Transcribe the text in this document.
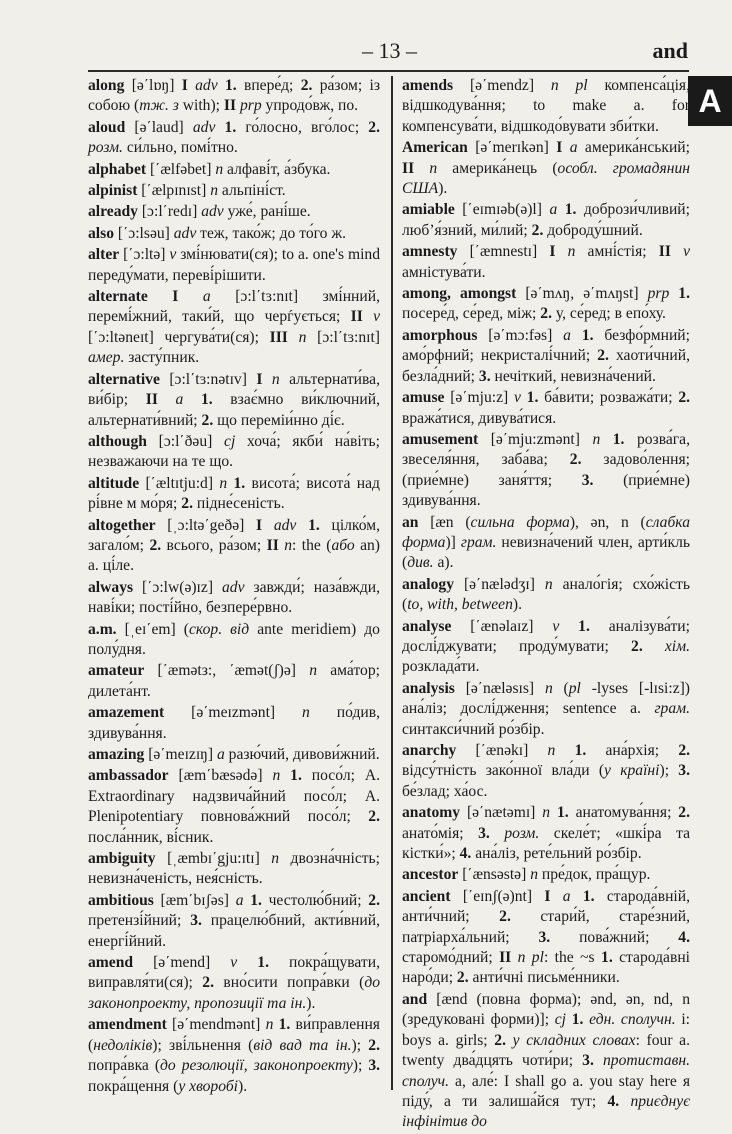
– 13 –	and
A
along [ə΄lɒŋ] I adv 1. впере́д; 2. ра́зом; із собою (тж. з with); II prp упродо́вж, по.
aloud [ə΄laud] adv 1. го́лосно, вго́лос; 2. розм. си́льно, помі́тно.
alphabet [΄ælfəbet] n алфаві́т, а́збука.
alpinist [΄ælpɪnɪst] n альпіні́ст.
already [ɔ:l΄redɪ] adv уже́, рані́ше.
also [΄ɔ:lsəu] adv теж, тако́ж; до то́го ж.
alter [΄ɔ:ltə] v змі́нювати(ся); to a. one's mind переду́мати, переві́рішити.
alternate I a [ɔ:l΄tɜ:nɪt] змі́нний, перемі́жний, таки́й, що черѓується; II v [΄ɔ:ltəneɪt] чергува́ти(ся); III n [ɔ:l΄tɜ:nɪt] амер. засту́пник.
alternative [ɔ:l΄tɜ:nətɪv] I n альтернати́ва, ви́бір; II a 1. взає́мно ви́ключний, альтернати́вний; 2. що переміи́нно ді́є.
although [ɔ:l΄ðəu] cj хоча́; якби́ на́віть; незважаючи на те що.
altitude [΄æltɪtju:d] n 1. висота́; висота́ над рі́вне м мо́ря; 2. підне́сеність.
altogether [ˌɔ:ltə΄geðə] I adv 1. цілко́м, загало́м; 2. всього, ра́зом; II n: the (або an) a. ці́ле.
always [΄ɔ:lw(ə)ɪz] adv завжди́; наза́вжди, наві́ки; пості́йно, безпере́рвно.
a.m. [ˌeɪ΄em] (скор. від ante meridiem) до полу́дня.
amateur [΄æmətз:, ΄æmət(ʃ)ə] n ама́тор; дилета́нт.
amazement [ə΄meɪzmənt] n по́див, здивува́ння.
amazing [ə΄meɪzɪŋ] a разю́чий, дивови́жний.
ambassador [æm΄bæsədə] n 1. посо́л; A. Extraordinary надзвича́йний посо́л; A. Plenipotentiary повнова́жний посо́л; 2. посла́нник, ві́сник.
ambiguity [ˌæmbɪ΄gju:ɪtɪ] n двозна́чність; невизна́ченість, нея́сність.
ambitious [æm΄bɪʃəs] a 1. честолю́бний; 2. претензі́йний; 3. працелю́бний, акти́вний, енергі́йний.
amend [ə΄mend] v 1. покра́щувати, виправля́ти(ся); 2. вно́сити попра́вки (до законопроекту, пропозиції та ін.).
amendment [ə΄mendmənt] n 1. ви́правлення (недоліків); зві́льнення (від вад та ін.); 2. попра́вка (до резолюції, законопроекту); 3. покра́щення (у хворобі).
amends [ə΄mendz] n pl компенса́ція, відшкодува́ння; to make a. for компенсува́ти, відшкодо́вувати зби́тки.
American [ə΄merɪkən] I a америка́нський; II n америка́нець (особл. громадянин США).
amiable [΄eɪmɪəb(ə)l] a 1. добрози́чливий; любʼя́зний, ми́лий; 2. доброду́шний.
amnesty [΄æmnestɪ] I n амні́стія; II v амністува́ти.
among, amongst [ə΄mʌŋ, ə΄mʌŋst] prp 1. посере́д, се́ред, між; 2. у, се́ред; в епо́ху.
amorphous [ə΄mɔ:fəs] a 1. безфо́рмний; амо́рфний; некристалі́чний; 2. хаоти́чний, безла́дний; 3. нечіткий, невизна́чений.
amuse [ə΄mju:z] v 1. ба́вити; розважа́ти; 2. вража́тися, дивува́тися.
amusement [ə΄mju:zmənt] n 1. розва́га, звеселя́ння, заба́ва; 2. задово́лення; (прие́мне) заня́ття; 3. (прие́мне) здивува́ння.
an [æn (сильна форма), ən, n (слабка форма)] грам. невизна́чений член, арти́кль (див. a).
analogy [ə΄nælədʒɪ] n анало́гія; схо́жість (to, with, between).
analyse [΄ænəlaɪz] v 1. аналізува́ти; дослі́джувати; проду́мувати; 2. хім. розклада́ти.
analysis [ə΄næləsɪs] n (pl -lyses [-lɪsi:z]) ана́ліз; дослі́дження; sentence a. грам. синтакси́чний ро́збір.
anarchy [΄ænəkɪ] n 1. ана́рхія; 2. відсу́тність зако́нної вла́ди (у країні); 3. бе́злад; ха́ос.
anatomy [ə΄nætəmɪ] n 1. анатомува́ння; 2. анато́мія; 3. розм. скеле́т; «шкі́ра та кістки́»; 4. ана́ліз, рете́льний ро́збір.
ancestor [΄ænsəstə] n пре́док, пра́щур.
ancient [΄eɪnʃ(ə)nt] I a 1. старода́вній, анти́чний; 2. стари́й, старе́зний, патріарха́льний; 3. пова́жний; 4. старомо́дний; II n pl: the ~s 1. старода́вні наро́ди; 2. анти́чні письме́нники.
and [ænd (повна форма); ənd, ən, nd, n (зредуковані форми)]; cj 1. едн. сполучн. i: boys a. girls; 2. у складних словах: four a. twenty два́дцять чоти́ри; 3. протиставн. сполуч. а, але́: I shall go a. you stay here я піду́, а ти залиша́йся тут; 4. приєднує інфінітив до
